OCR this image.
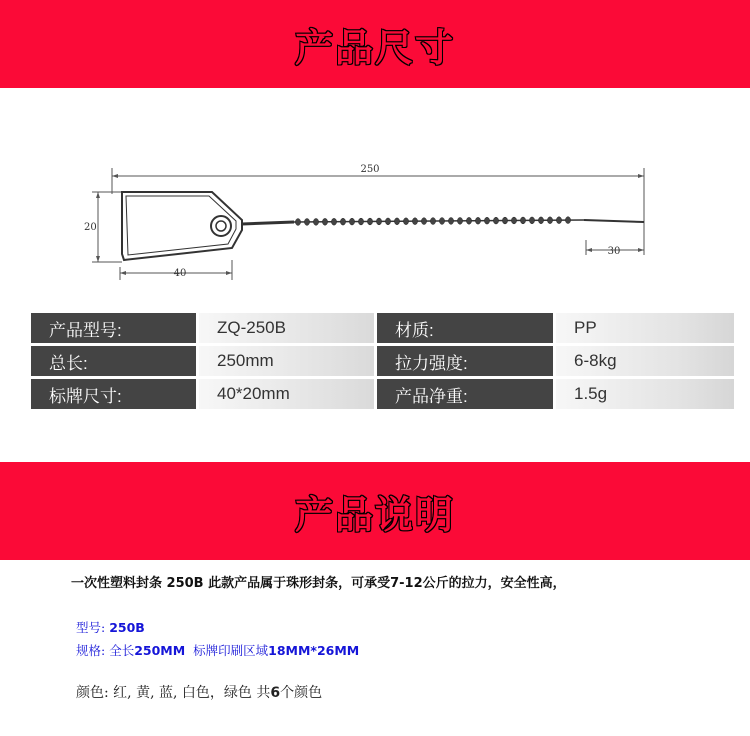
产品尺寸
250
20
40
30
产品型号:	ZQ-250B	材质:	PP
总长:	250mm	拉力强度:	6-8kg
标牌尺寸:	40*20mm	产品净重:	1.5g
产品说明
一次性塑料封条 250B 此款产品属于珠形封条，可承受7-12公斤的拉力，安全性高，
型号: 250B
规格: 全长250MM  标牌印刷区域18MM*26MM
颜色: 红, 黄, 蓝, 白色，绿色 共6个颜色
